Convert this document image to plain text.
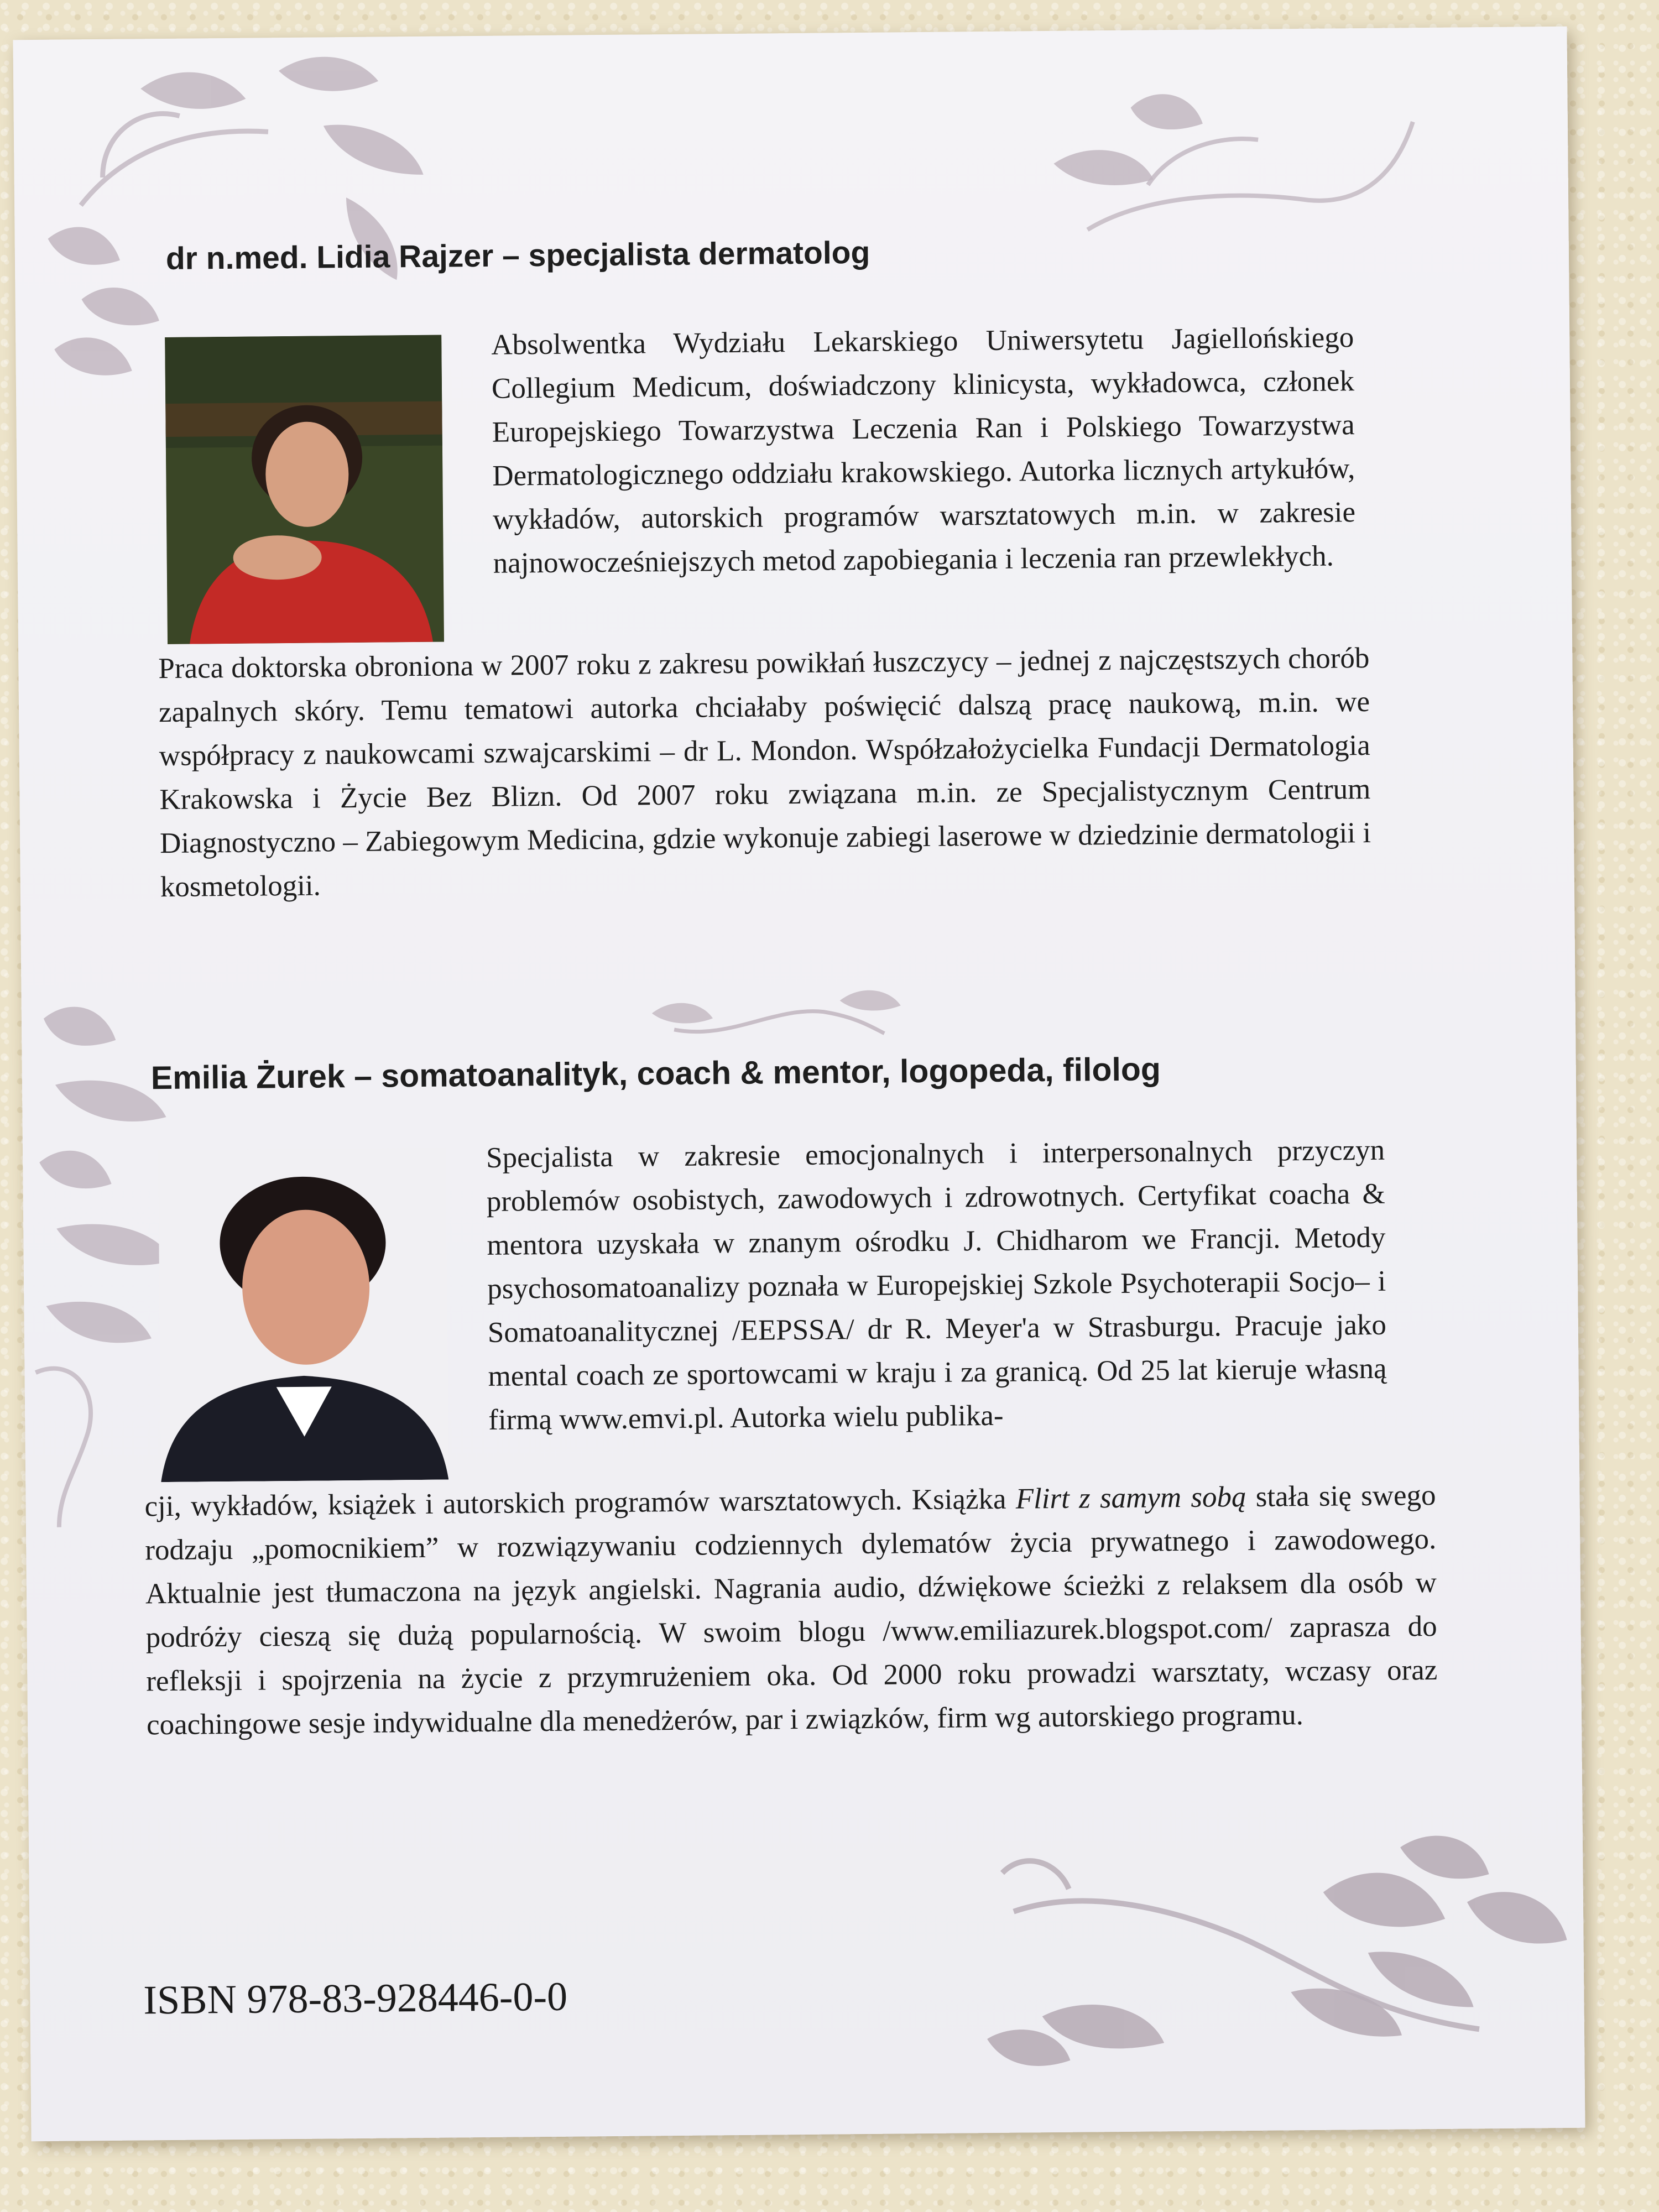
dr n.med. Lidia Rajzer – specjalista dermatolog

Absolwentka Wydziału Lekarskiego Uniwersytetu Jagiellońskiego Collegium Medicum, doświadczony klinicysta, wykładowca, członek Europejskiego Towarzystwa Leczenia Ran i Polskiego Towarzystwa Dermatologicznego oddziału krakowskiego. Autorka licznych artykułów, wykładów, autorskich programów warsztatowych m.in. w zakresie najnowocześniejszych metod zapobiegania i leczenia ran przewlekłych.

Praca doktorska obroniona w 2007 roku z zakresu powikłań łuszczycy – jednej z najczęstszych chorób zapalnych skóry. Temu tematowi autorka chciałaby poświęcić dalszą pracę naukową, m.in. we współpracy z naukowcami szwajcarskimi – dr L. Mondon. Współzałożycielka Fundacji Dermatologia Krakowska i Życie Bez Blizn. Od 2007 roku związana m.in. ze Specjalistycznym Centrum Diagnostyczno – Zabiegowym Medicina, gdzie wykonuje zabiegi laserowe w dziedzinie dermatologii i kosmetologii.

Emilia Żurek – somatoanalityk, coach & mentor, logopeda, filolog

Specjalista w zakresie emocjonalnych i interpersonalnych przyczyn problemów osobistych, zawodowych i zdrowotnych. Certyfikat coacha & mentora uzyskała w znanym ośrodku J. Chidharom we Francji. Metody psychosomatoanalizy poznała w Europejskiej Szkole Psychoterapii Socjo– i Somatoanalitycznej /EEPSSA/ dr R. Meyer'a w Strasburgu. Pracuje jako mental coach ze sportowcami w kraju i za granicą. Od 25 lat kieruje własną firmą www.emvi.pl. Autorka wielu publika-

cji, wykładów, książek i autorskich programów warsztatowych. Książka Flirt z samym sobą stała się swego rodzaju „pomocnikiem” w rozwiązywaniu codziennych dylematów życia prywatnego i zawodowego. Aktualnie jest tłumaczona na język angielski. Nagrania audio, dźwiękowe ścieżki z relaksem dla osób w podróży cieszą się dużą popularnością. W swoim blogu /www.emiliazurek.blogspot.com/ zaprasza do refleksji i spojrzenia na życie z przymrużeniem oka. Od 2000 roku prowadzi warsztaty, wczasy oraz coachingowe sesje indywidualne dla menedżerów, par i związków, firm wg autorskiego programu.

ISBN 978-83-928446-0-0
